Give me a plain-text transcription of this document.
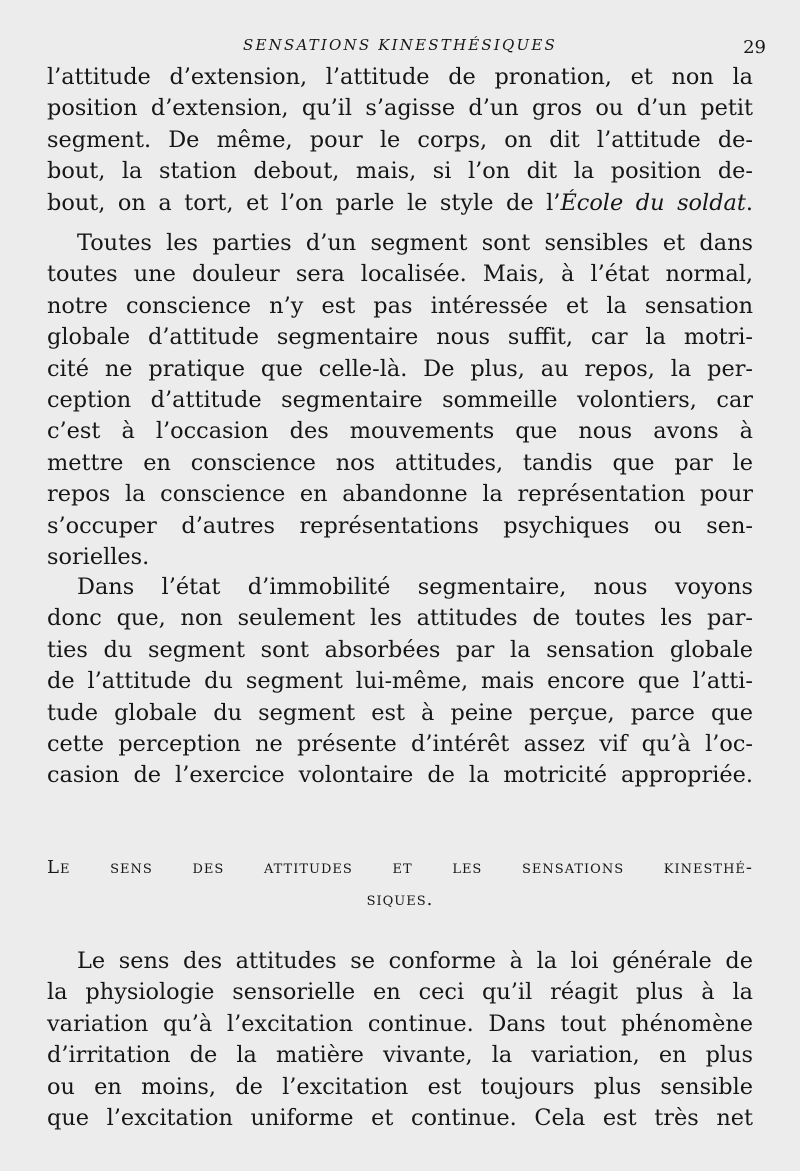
SENSATIONS KINESTHÉSIQUES	29
l’attitude d’extension, l’attitude de pronation, et non la
position d’extension, qu’il s’agisse d’un gros ou d’un petit
segment. De même, pour le corps, on dit l’attitude de-
bout, la station debout, mais, si l’on dit la position de-
bout, on a tort, et l’on parle le style de l’École du soldat.
Toutes les parties d’un segment sont sensibles et dans
toutes une douleur sera localisée. Mais, à l’état normal,
notre conscience n’y est pas intéressée et la sensation
globale d’attitude segmentaire nous suffit, car la motri-
cité ne pratique que celle-là. De plus, au repos, la per-
ception d’attitude segmentaire sommeille volontiers, car
c’est à l’occasion des mouvements que nous avons à
mettre en conscience nos attitudes, tandis que par le
repos la conscience en abandonne la représentation pour
s’occuper d’autres représentations psychiques ou sen-
sorielles.
Dans l’état d’immobilité segmentaire, nous voyons
donc que, non seulement les attitudes de toutes les par-
ties du segment sont absorbées par la sensation globale
de l’attitude du segment lui-même, mais encore que l’atti-
tude globale du segment est à peine perçue, parce que
cette perception ne présente d’intérêt assez vif qu’à l’oc-
casion de l’exercice volontaire de la motricité appropriée.
Le sens des attitudes et les sensations kinesthé-
siques.
Le sens des attitudes se conforme à la loi générale de
la physiologie sensorielle en ceci qu’il réagit plus à la
variation qu’à l’excitation continue. Dans tout phénomène
d’irritation de la matière vivante, la variation, en plus
ou en moins, de l’excitation est toujours plus sensible
que l’excitation uniforme et continue. Cela est très net
